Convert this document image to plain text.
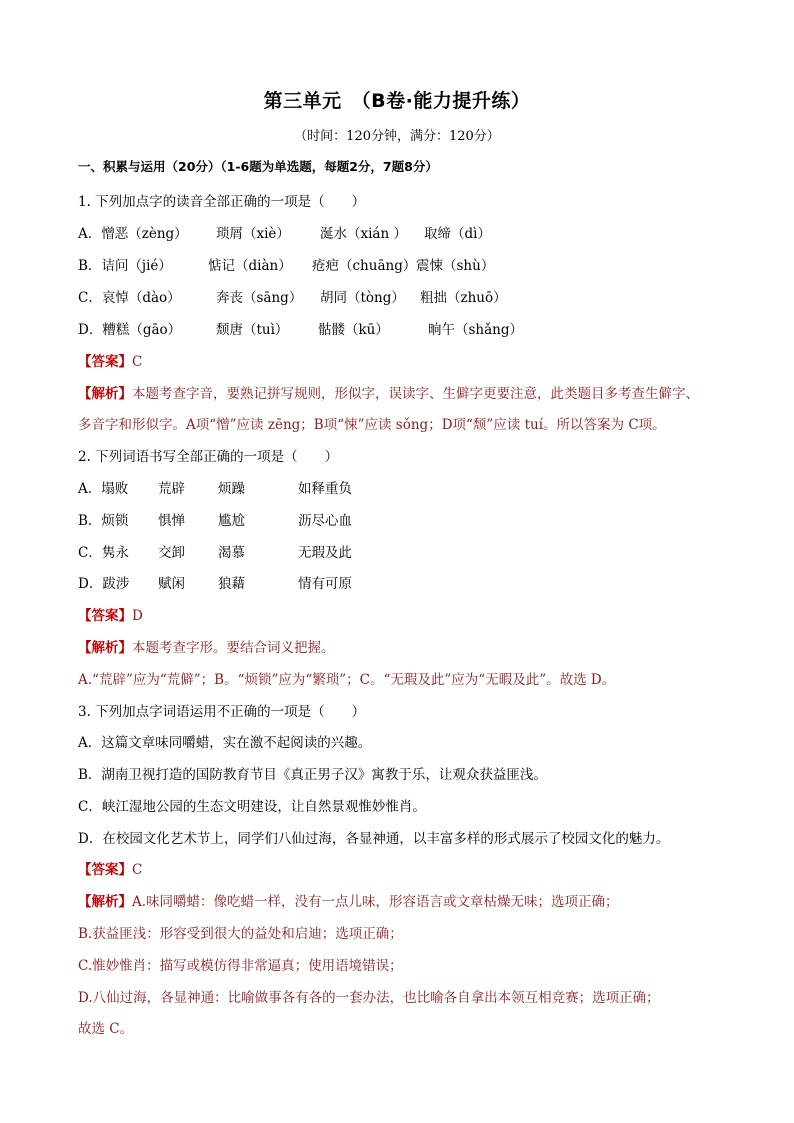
第三单元　（B卷·能力提升练）
（时间：120分钟，满分：120分）
一、积累与运用（20分）（1-6题为单选题，每题2分，7题8分）
1. 下列加点字的读音全部正确的一项是（　　）
A．憎恶（zèng） 琐屑（xiè） 涎水（xián ） 取缔（dì）
B．诘问（jié）	惦记（diàn） 疮疤（chuāng）震悚（shù）
C．哀悼（dào）	奔丧（sāng） 胡同（tòng） 粗拙（zhuō）
D．糟糕（gāo）	颓唐（tuì） 骷髅（kū）	晌午（shǎng）
【答案】C
【解析】本题考查字音，要熟记拼写规则，形似字，误读字、生僻字更要注意，此类题目多考查生僻字、
多音字和形似字。A项“憎”应读 zēng；B项“悚”应读 sǒng；D项“颓”应读 tuí。所以答案为 C项。
2. 下列词语书写全部正确的一项是（　　）
A．塌败 荒辟 烦躁	如释重负
B．烦锁 惧惮 尴尬	沥尽心血
C．隽永 交卸 渴慕	无瑕及此
D．跋涉 赋闲 狼藉	情有可原
【答案】D
【解析】本题考查字形。要结合词义把握。
A.“荒辟”应为“荒僻”；B。“烦锁”应为“繁琐”；C。“无瑕及此”应为“无暇及此”。故选 D。
3. 下列加点字词语运用不正确的一项是（　　）
A．这篇文章味同嚼蜡，实在激不起阅读的兴趣。
B．湖南卫视打造的国防教育节目《真正男子汉》寓教于乐，让观众获益匪浅。
C．峡江湿地公园的生态文明建设，让自然景观惟妙惟肖。
D．在校园文化艺术节上，同学们八仙过海，各显神通，以丰富多样的形式展示了校园文化的魅力。
【答案】C
【解析】A.味同嚼蜡：像吃蜡一样，没有一点儿味，形容语言或文章枯燥无味；选项正确；
B.获益匪浅：形容受到很大的益处和启迪；选项正确；
C.惟妙惟肖：描写或模仿得非常逼真；使用语境错误；
D.八仙过海，各显神通：比喻做事各有各的一套办法，也比喻各自拿出本领互相竞赛；选项正确；
故选 C。
